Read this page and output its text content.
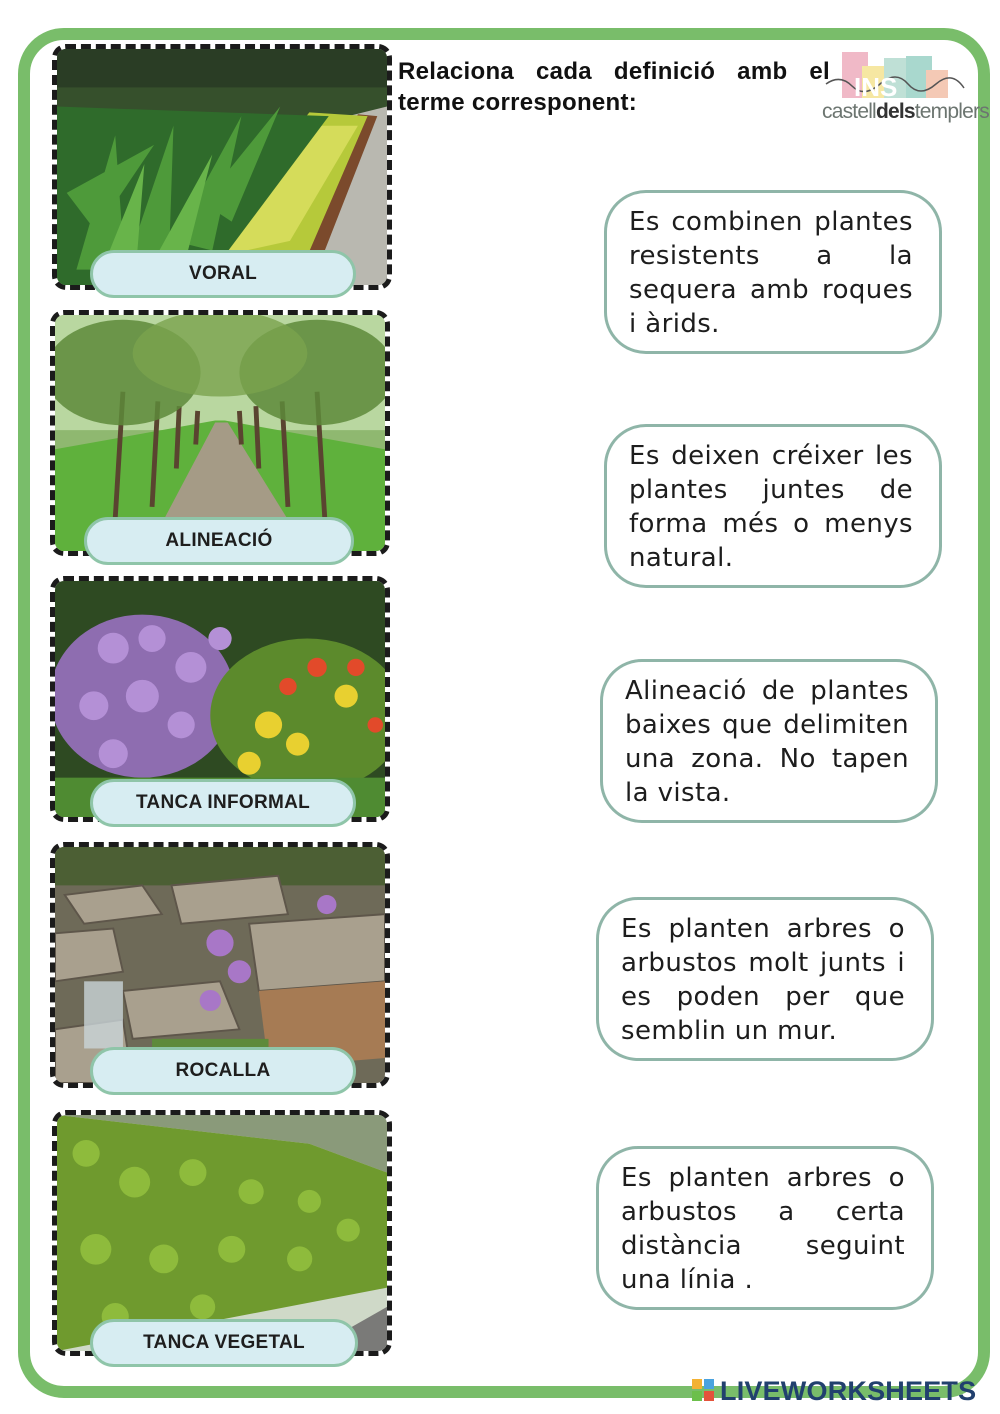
Relaciona cada definició amb el terme corresponent:
INS
castelldelstemplers
VORAL
ALINEACIÓ
TANCA INFORMAL
ROCALLA
TANCA VEGETAL

Es combinen plantes resistents a la sequera amb roques i àrids.

Es deixen créixer les plantes juntes de forma més o menys natural.

Alineació de plantes baixes que delimiten una zona. No tapen la vista.

Es planten arbres o arbustos molt junts i es poden per que semblin un mur.

Es planten arbres o arbustos a certa distància seguint una línia .

LIVEWORKSHEETS
